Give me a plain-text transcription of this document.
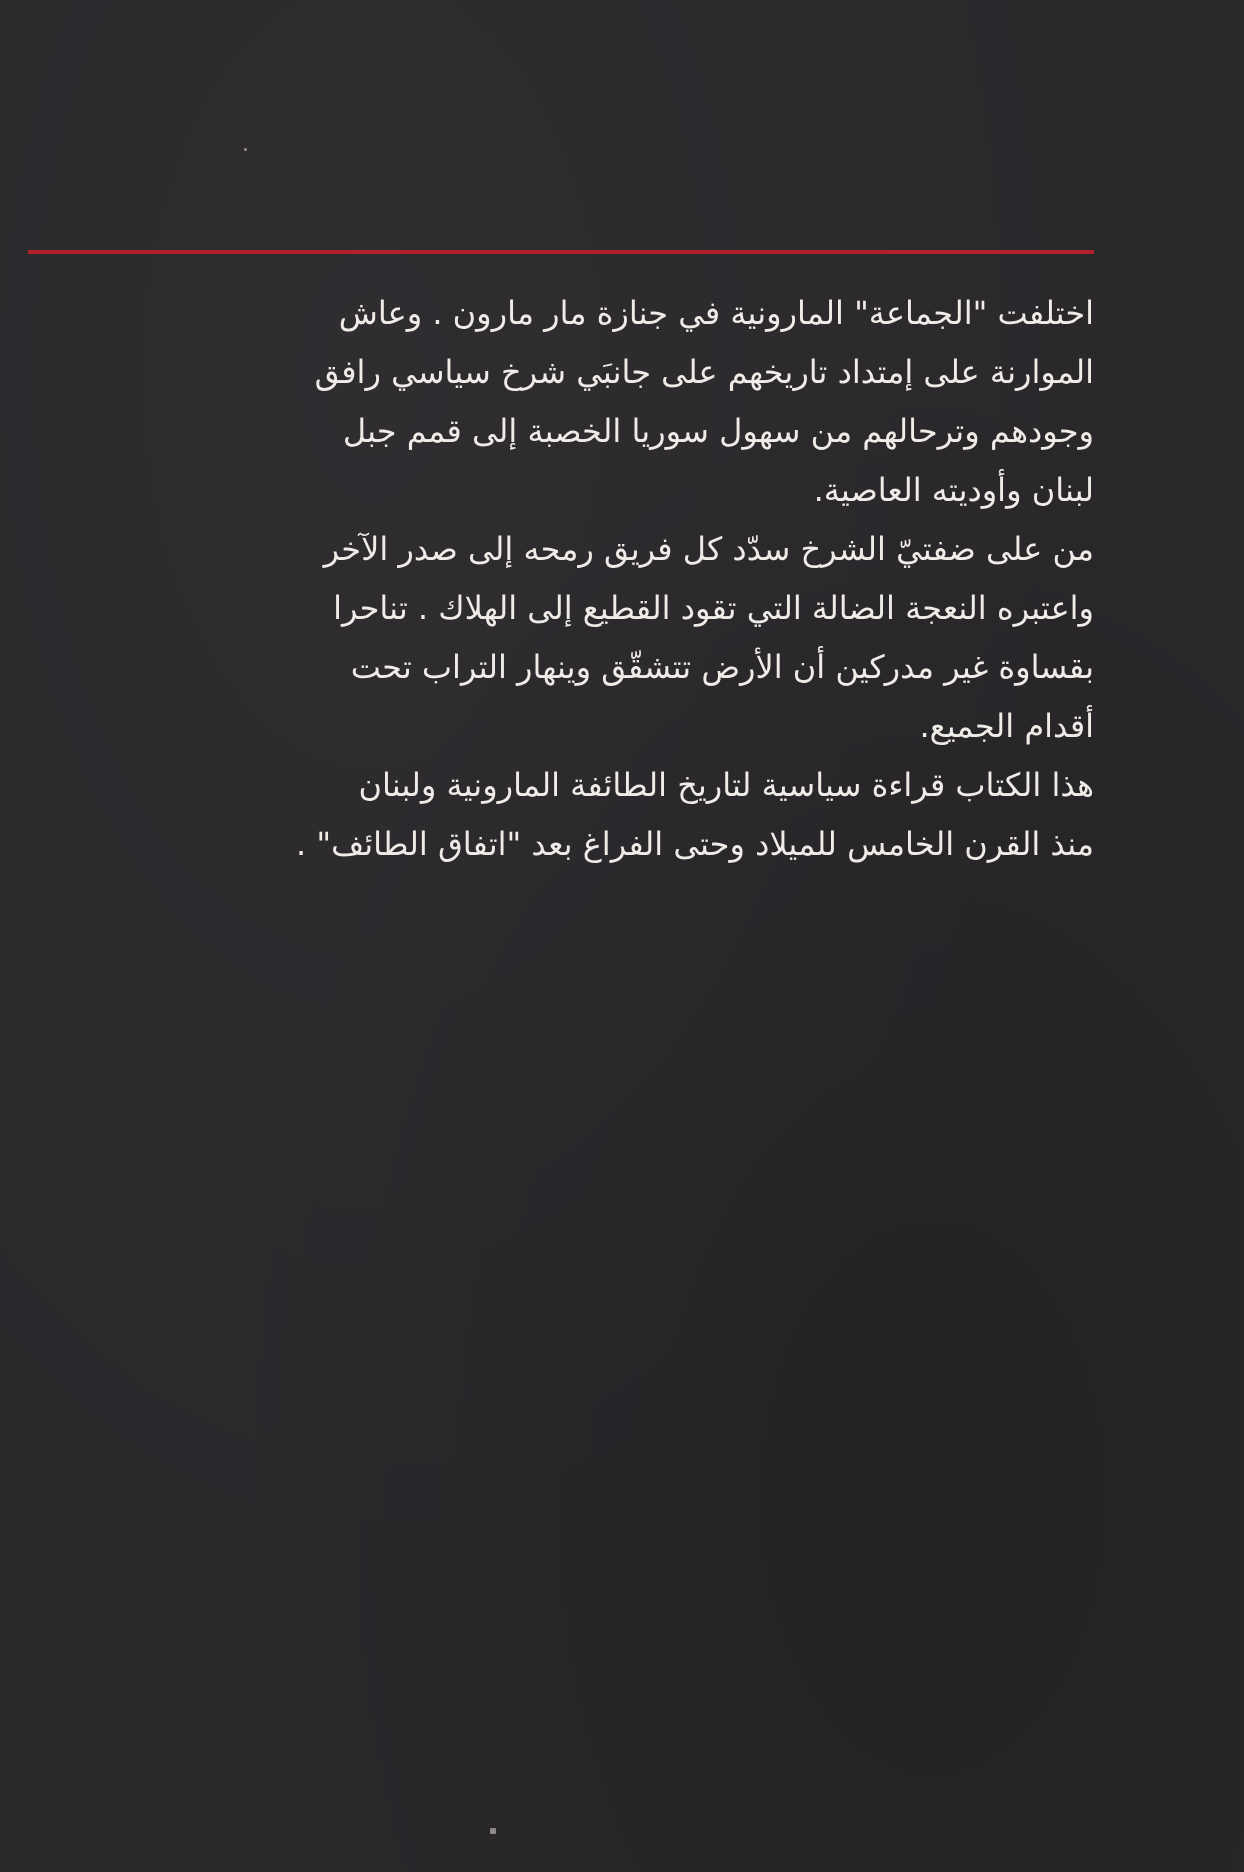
اختلفت "الجماعة" المارونية في جنازة مار مارون . وعاش
الموارنة على إمتداد تاريخهم على جانبَي شرخ سياسي رافق
وجودهم وترحالهم من سهول سوريا الخصبة إلى قمم جبل
لبنان وأوديته العاصية.
من على ضفتيّ الشرخ سدّد كل فريق رمحه إلى صدر الآخر
واعتبره النعجة الضالة التي تقود القطيع إلى الهلاك . تناحرا
بقساوة غير مدركين أن الأرض تتشقّق وينهار التراب تحت
أقدام الجميع.
هذا الكتاب قراءة سياسية لتاريخ الطائفة المارونية ولبنان
منذ القرن الخامس للميلاد وحتى الفراغ بعد "اتفاق الطائف" .
